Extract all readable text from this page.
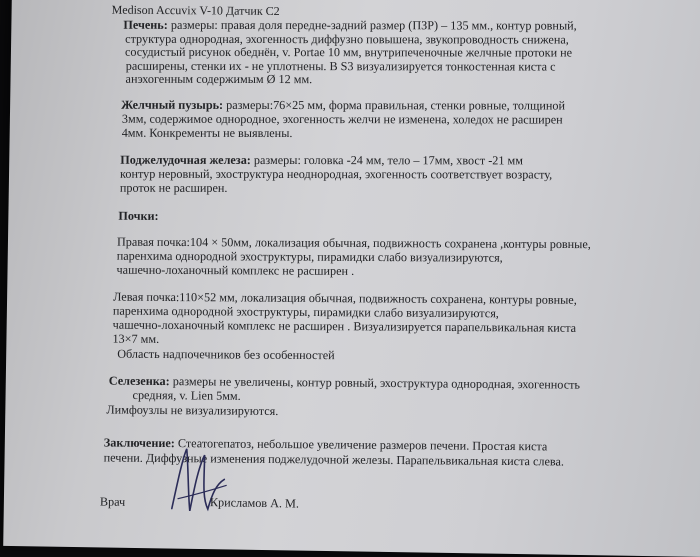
Medison Accuvix V-10 Датчик C2
Печень: размеры: правая доля передне-задний размер (ПЗР) – 135 мм., контур ровный,
структура однородная, эхогенность диффузно повышена, звукопроводность снижена,
сосудистый рисунок обеднён, v. Portae 10 мм, внутрипеченочные желчные протоки не
расширены, стенки их - не уплотнены. В S3 визуализируется тонкостенная киста с
анэхогенным содержимым Ø 12 мм.
Желчный пузырь: размеры:76×25 мм, форма правильная, стенки ровные, толщиной
3мм, содержимое однородное, эхогенность желчи не изменена, холедох не расширен
4мм. Конкременты не выявлены.
Поджелудочная железа: размеры: головка -24 мм, тело – 17мм, хвост -21 мм
контур неровный, эхоструктура неоднородная, эхогенность соответствует возрасту,
проток не расширен.
Почки:
Правая почка:104 × 50мм, локализация обычная, подвижность сохранена ,контуры ровные,
паренхима однородной эхоструктуры, пирамидки слабо визуализируются,
чашечно-лоханочный комплекс не расширен .
Левая почка:110×52 мм, локализация обычная, подвижность сохранена, контуры ровные,
паренхима однородной эхоструктуры, пирамидки слабо визуализируются,
чашечно-лоханочный комплекс не расширен . Визуализируется парапельвикальная киста
13×7 мм.
Область надпочечников без особенностей
Селезенка: размеры не увеличены, контур ровный, эхоструктура однородная, эхогенность
средняя, v. Lien 5мм.
Лимфоузлы не визуализируются.
Заключение: Стеатогепатоз, небольшое увеличение размеров печени. Простая киста
печени. Диффузные изменения поджелудочной железы. Парапельвикальная киста слева.
Врач	Крисламов А. М.
